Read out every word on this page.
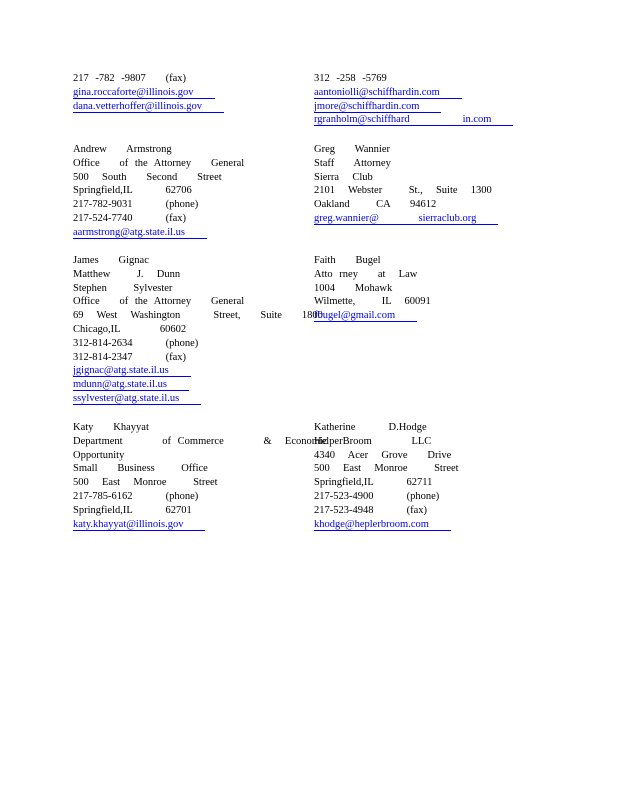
217 -782 -9807   (fax)
gina.roccaforte@illinois.gov
dana.vetterhoffer@illinois.gov
Andrew   Armstrong
Office   of the Attorney   General
500  South   Second   Street
Springfield,IL     62706
217-782-9031     (phone)
217-524-7740     (fax)
aarmstrong@atg.state.il.us
James   Gignac
Matthew    J.  Dunn
Stephen    Sylvester
Office   of the Attorney   General
69  West  Washington     Street,   Suite   1800
Chicago,IL      60602
312-814-2634     (phone)
312-814-2347     (fax)
jgignac@atg.state.il.us
mdunn@atg.state.il.us
ssylvester@atg.state.il.us
Katy   Khayyat
Department      of Commerce      &  Economic
Opportunity
Small   Business    Office
500  East  Monroe    Street
217-785-6162     (phone)
Springfield,IL     62701
katy.khayyat@illinois.gov
312 -258 -5769
aantoniolli@schiffhardin.com
jmore@schiffhardin.com
rgranholm@schiffhard        in.com
Greg   Wannier
Staff   Attorney
Sierra  Club
2101  Webster    St.,  Suite  1300
Oakland    CA   94612
greg.wannier@      sierraclub.org
Faith   Bugel
Atto rney   at  Law
1004   Mohawk
Wilmette,    IL  60091
fbugel@gmail.com
Katherine     D.Hodge
HelperBroom      LLC
4340  Acer  Grove   Drive
500  East  Monroe    Street
Springfield,IL     62711
217-523-4900     (phone)
217-523-4948     (fax)
khodge@heplerbroom.com
